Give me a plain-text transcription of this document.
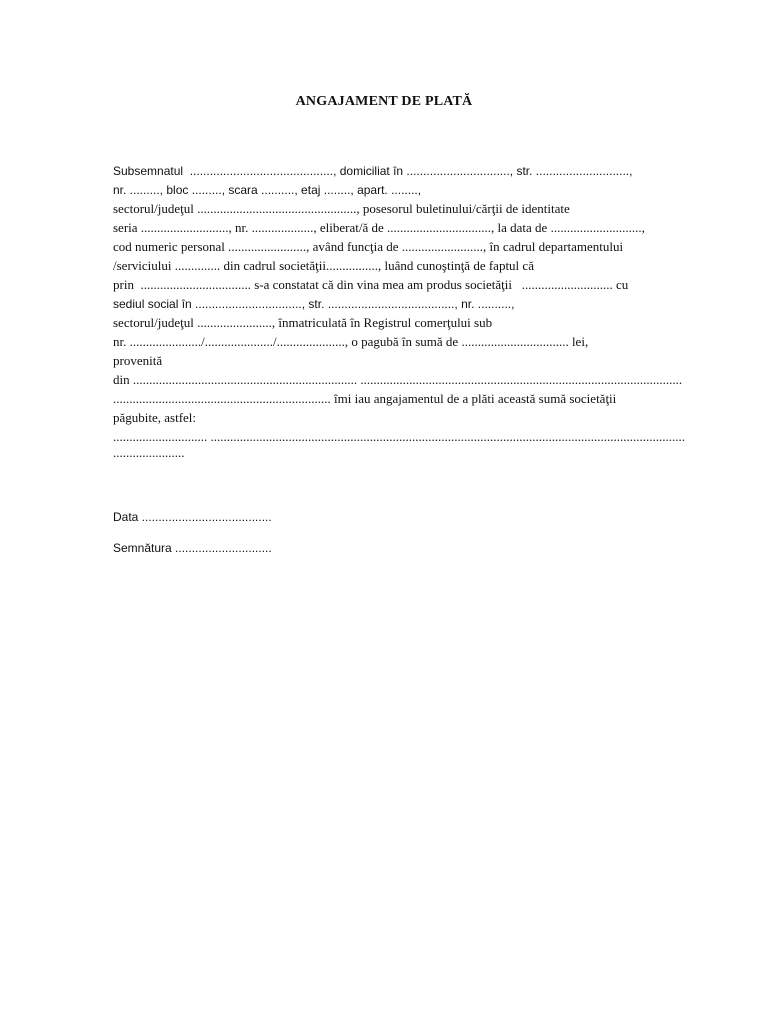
ANGAJAMENT DE PLATĂ
Subsemnatul  ..........................................., domiciliat în ..............................., str. ............................,
nr. ........., bloc ........., scara .........., etaj ........, apart. ........,
sectorul/judeţul ................................................., posesorul buletinului/cărţii de identitate
seria ..........................., nr. ..................., eliberat/ă de ................................, la data de ............................,
cod numeric personal ........................, având funcţia de ........................., în cadrul departamentului
/serviciului .............. din cadrul societăţii................, luând cunoştinţă de faptul că
prin  .................................. s-a constatat că din vina mea am produs societăţii   ............................ cu
sediul social în ................................, str. ......................................, nr. ..........,
sectorul/judeţul ......................., înmatriculată în Registrul comerţului sub
nr. ....................../...................../....................., o pagubă în sumă de ................................. lei,
provenită
din ..................................................................... ...................................................................................................
................................................................... îmi iau angajamentul de a plăti această sumă societăţii
păgubite, astfel:
............................. ..................................................................................................................................................
......................
Data .......................................
Semnătura .............................
